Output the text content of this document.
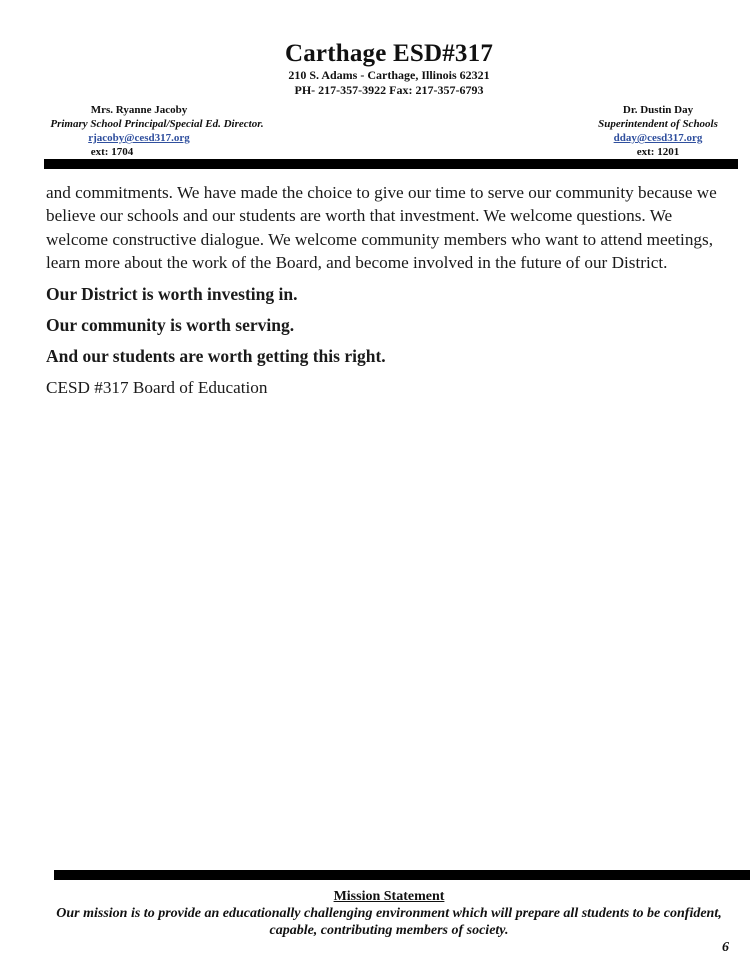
Carthage ESD#317
210 S. Adams - Carthage, Illinois 62321
PH- 217-357-3922 Fax: 217-357-6793
Mrs. Ryanne Jacoby
Primary School Principal/Special Ed. Director.
rjacoby@cesd317.org
ext: 1704
Dr. Dustin Day
Superintendent of Schools
dday@cesd317.org
ext: 1201

and commitments. We have made the choice to give our time to serve our community because we believe our schools and our students are worth that investment. We welcome questions. We welcome constructive dialogue. We welcome community members who want to attend meetings, learn more about the work of the Board, and become involved in the future of our District.

Our District is worth investing in.

Our community is worth serving.

And our students are worth getting this right.

CESD #317 Board of Education

Mission Statement
Our mission is to provide an educationally challenging environment which will prepare all students to be confident, capable, contributing members of society.
6
